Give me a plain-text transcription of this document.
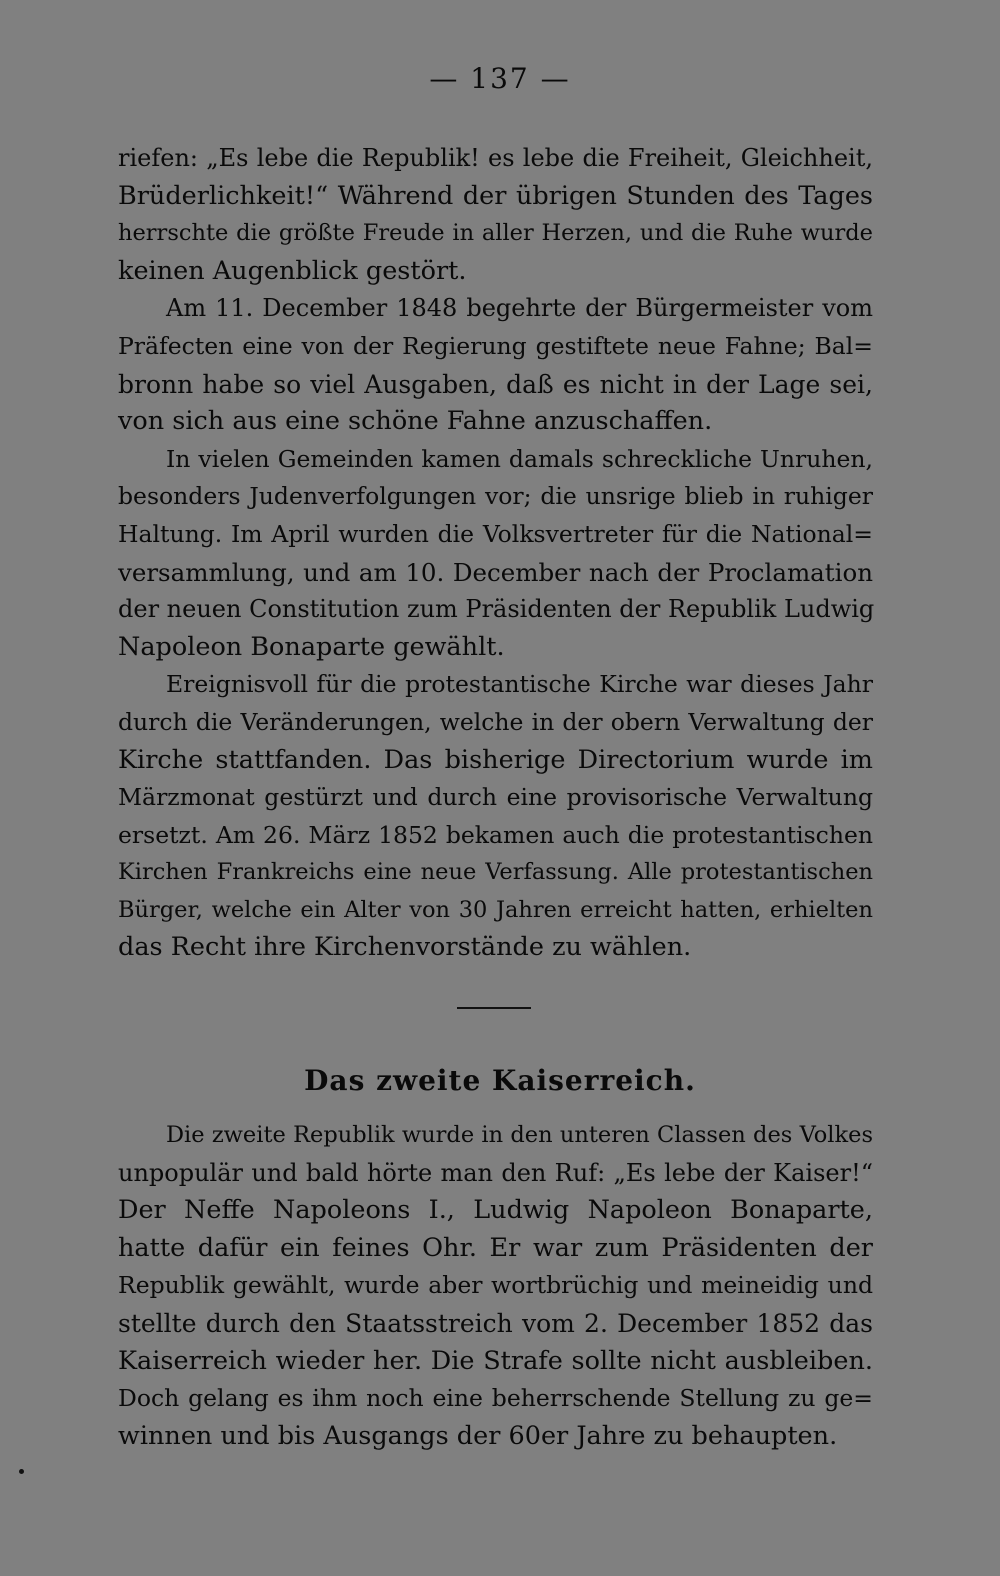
— 137 —
riefen: „Es lebe die Republik! es lebe die Freiheit, Gleichheit,
Brüderlichkeit!“ Während der übrigen Stunden des Tages
herrschte die größte Freude in aller Herzen, und die Ruhe wurde
keinen Augenblick gestört.
Am 11. December 1848 begehrte der Bürgermeister vom
Präfecten eine von der Regierung gestiftete neue Fahne; Bal=
bronn habe so viel Ausgaben, daß es nicht in der Lage sei,
von sich aus eine schöne Fahne anzuschaffen.
In vielen Gemeinden kamen damals schreckliche Unruhen,
besonders Judenverfolgungen vor; die unsrige blieb in ruhiger
Haltung. Im April wurden die Volksvertreter für die National=
versammlung, und am 10. December nach der Proclamation
der neuen Constitution zum Präsidenten der Republik Ludwig
Napoleon Bonaparte gewählt.
Ereignisvoll für die protestantische Kirche war dieses Jahr
durch die Veränderungen, welche in der obern Verwaltung der
Kirche stattfanden. Das bisherige Directorium wurde im
Märzmonat gestürzt und durch eine provisorische Verwaltung
ersetzt. Am 26. März 1852 bekamen auch die protestantischen
Kirchen Frankreichs eine neue Verfassung. Alle protestantischen
Bürger, welche ein Alter von 30 Jahren erreicht hatten, erhielten
das Recht ihre Kirchenvorstände zu wählen.
Das zweite Kaiserreich.
Die zweite Republik wurde in den unteren Classen des Volkes
unpopulär und bald hörte man den Ruf: „Es lebe der Kaiser!“
Der Neffe Napoleons I., Ludwig Napoleon Bonaparte,
hatte dafür ein feines Ohr. Er war zum Präsidenten der
Republik gewählt, wurde aber wortbrüchig und meineidig und
stellte durch den Staatsstreich vom 2. December 1852 das
Kaiserreich wieder her. Die Strafe sollte nicht ausbleiben.
Doch gelang es ihm noch eine beherrschende Stellung zu ge=
winnen und bis Ausgangs der 60er Jahre zu behaupten.
